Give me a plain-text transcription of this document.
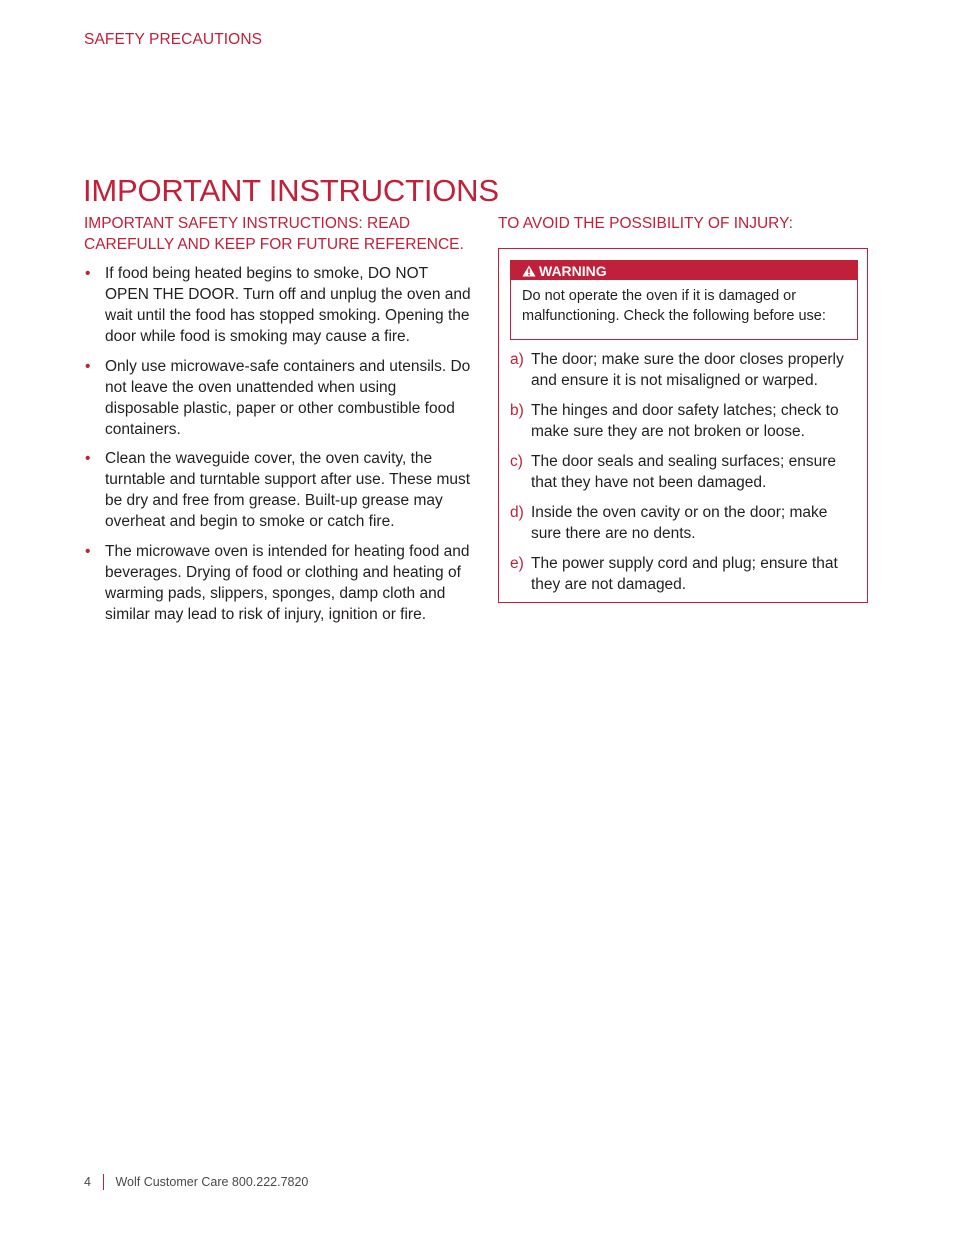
SAFETY PRECAUTIONS
IMPORTANT INSTRUCTIONS

IMPORTANT SAFETY INSTRUCTIONS: READ CAREFULLY AND KEEP FOR FUTURE REFERENCE.

• If food being heated begins to smoke, DO NOT OPEN THE DOOR. Turn off and unplug the oven and wait until the food has stopped smoking. Opening the door while food is smoking may cause a fire.
• Only use microwave-safe containers and utensils. Do not leave the oven unattended when using disposable plastic, paper or other combustible food containers.
• Clean the waveguide cover, the oven cavity, the turntable and turntable support after use. These must be dry and free from grease. Built-up grease may overheat and begin to smoke or catch fire.
• The microwave oven is intended for heating food and beverages. Drying of food or clothing and heating of warming pads, slippers, sponges, damp cloth and similar may lead to risk of injury, ignition or fire.

TO AVOID THE POSSIBILITY OF INJURY:

WARNING
Do not operate the oven if it is damaged or malfunctioning. Check the following before use:
a) The door; make sure the door closes properly and ensure it is not misaligned or warped.
b) The hinges and door safety latches; check to make sure they are not broken or loose.
c) The door seals and sealing surfaces; ensure that they have not been damaged.
d) Inside the oven cavity or on the door; make sure there are no dents.
e) The power supply cord and plug; ensure that they are not damaged.
4 Wolf Customer Care 800.222.7820
